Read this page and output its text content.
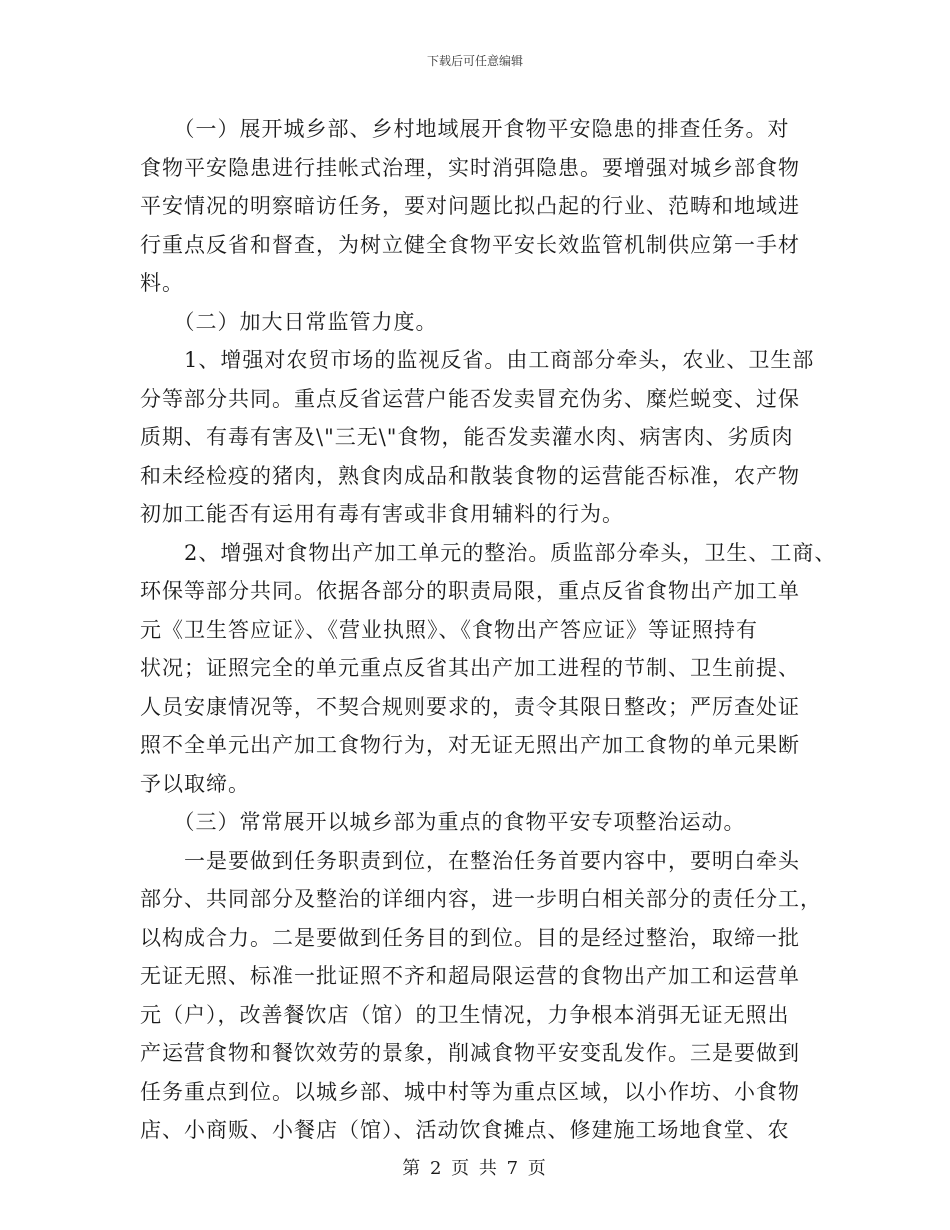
下载后可任意编辑
　　（一）展开城乡部、乡村地域展开食物平安隐患的排查任务。对
食物平安隐患进行挂帐式治理，实时消弭隐患。要增强对城乡部食物
平安情况的明察暗访任务，要对问题比拟凸起的行业、范畴和地域进
行重点反省和督查，为树立健全食物平安长效监管机制供应第一手材
料。
　　（二）加大日常监管力度。
　　1、增强对农贸市场的监视反省。由工商部分牵头，农业、卫生部
分等部分共同。重点反省运营户能否发卖冒充伪劣、糜烂蜕变、过保
质期、有毒有害及\"三无\"食物，能否发卖灌水肉、病害肉、劣质肉
和未经检疫的猪肉，熟食肉成品和散装食物的运营能否标准，农产物
初加工能否有运用有毒有害或非食用辅料的行为。
　　2、增强对食物出产加工单元的整治。质监部分牵头，卫生、工商、
环保等部分共同。依据各部分的职责局限，重点反省食物出产加工单
元《卫生答应证》、《营业执照》、《食物出产答应证》等证照持有
状况；证照完全的单元重点反省其出产加工进程的节制、卫生前提、
人员安康情况等，不契合规则要求的，责令其限日整改；严厉查处证
照不全单元出产加工食物行为，对无证无照出产加工食物的单元果断
予以取缔。
　　（三）常常展开以城乡部为重点的食物平安专项整治运动。
　　一是要做到任务职责到位，在整治任务首要内容中，要明白牵头
部分、共同部分及整治的详细内容，进一步明白相关部分的责任分工，
以构成合力。二是要做到任务目的到位。目的是经过整治，取缔一批
无证无照、标准一批证照不齐和超局限运营的食物出产加工和运营单
元（户），改善餐饮店（馆）的卫生情况，力争根本消弭无证无照出
产运营食物和餐饮效劳的景象，削减食物平安变乱发作。三是要做到
任务重点到位。以城乡部、城中村等为重点区域，以小作坊、小食物
店、小商贩、小餐店（馆）、活动饮食摊点、修建施工场地食堂、农
第 2 页 共 7 页
